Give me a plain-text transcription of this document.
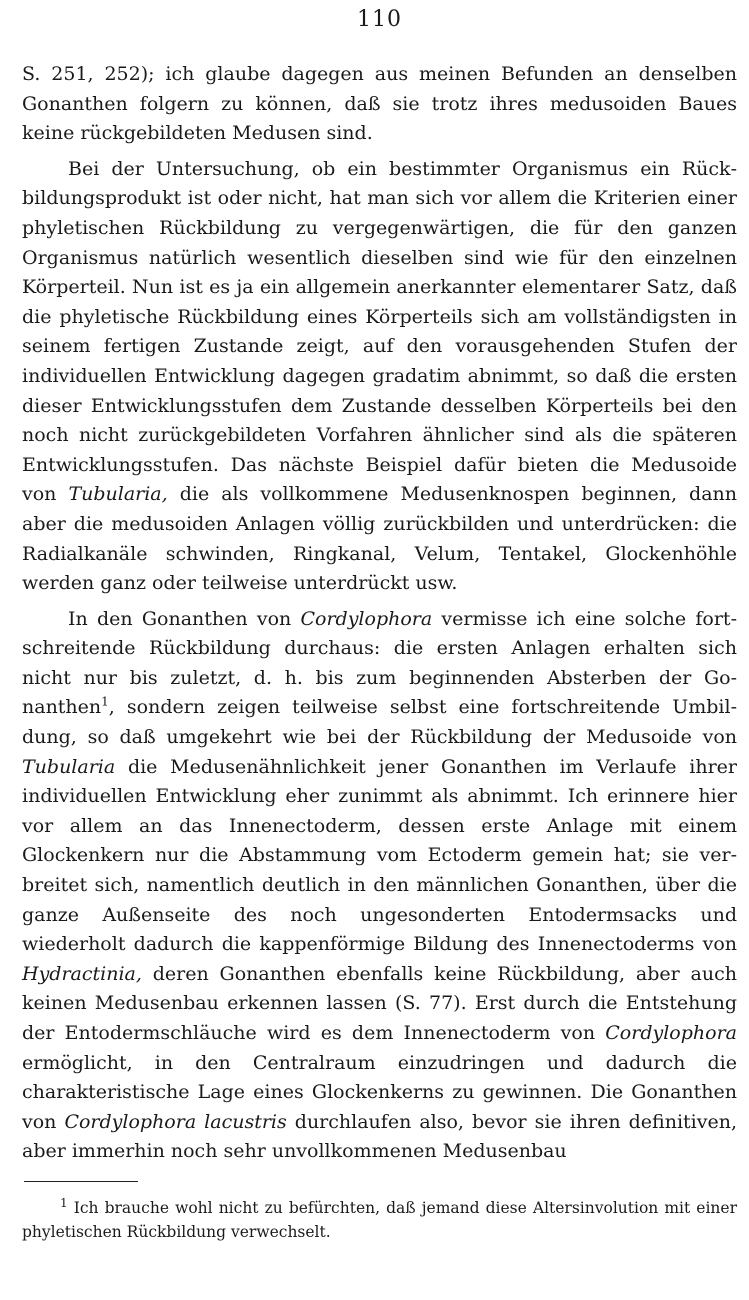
110

S. 251, 252); ich glaube dagegen aus meinen Befunden an denselben Gonanthen folgern zu können, daß sie trotz ihres medusoiden Baues keine rückgebildeten Medusen sind.

Bei der Untersuchung, ob ein bestimmter Organismus ein Rückbildungsprodukt ist oder nicht, hat man sich vor allem die Kriterien einer phyletischen Rückbildung zu vergegenwärtigen, die für den ganzen Organismus natürlich wesentlich dieselben sind wie für den einzelnen Körperteil. Nun ist es ja ein allgemein anerkannter elementarer Satz, daß die phyletische Rückbildung eines Körperteils sich am vollständigsten in seinem fertigen Zustande zeigt, auf den vorausgehenden Stufen der individuellen Entwicklung dagegen gradatim abnimmt, so daß die ersten dieser Entwicklungsstufen dem Zustande desselben Körperteils bei den noch nicht zurückgebildeten Vorfahren ähnlicher sind als die späteren Entwicklungsstufen. Das nächste Beispiel dafür bieten die Medusoide von Tubularia, die als vollkommene Medusenknospen beginnen, dann aber die medusoiden Anlagen völlig zurückbilden und unterdrücken: die Radialkanäle schwinden, Ringkanal, Velum, Tentakel, Glockenhöhle werden ganz oder teilweise unterdrückt usw.

In den Gonanthen von Cordylophora vermisse ich eine solche fortschreitende Rückbildung durchaus: die ersten Anlagen erhalten sich nicht nur bis zuletzt, d. h. bis zum beginnenden Absterben der Gonanthen$^1$, sondern zeigen teilweise selbst eine fortschreitende Umbildung, so daß umgekehrt wie bei der Rückbildung der Medusoide von Tubularia die Medusenähnlichkeit jener Gonanthen im Verlaufe ihrer individuellen Entwicklung eher zunimmt als abnimmt. Ich erinnere hier vor allem an das Innenectoderm, dessen erste Anlage mit einem Glockenkern nur die Abstammung vom Ectoderm gemein hat; sie verbreitet sich, namentlich deutlich in den männlichen Gonanthen, über die ganze Außenseite des noch ungesonderten Entodermsacks und wiederholt dadurch die kappenförmige Bildung des Innenectoderms von Hydractinia, deren Gonanthen ebenfalls keine Rückbildung, aber auch keinen Medusenbau erkennen lassen (S. 77). Erst durch die Entstehung der Entodermschläuche wird es dem Innenectoderm von Cordylophora ermöglicht, in den Centralraum einzudringen und dadurch die charakteristische Lage eines Glockenkerns zu gewinnen. Die Gonanthen von Cordylophora lacustris durchlaufen also, bevor sie ihren definitiven, aber immerhin noch sehr unvollkommenen Medusenbau

$^1$ Ich brauche wohl nicht zu befürchten, daß jemand diese Altersinvolution mit einer phyletischen Rückbildung verwechselt.
